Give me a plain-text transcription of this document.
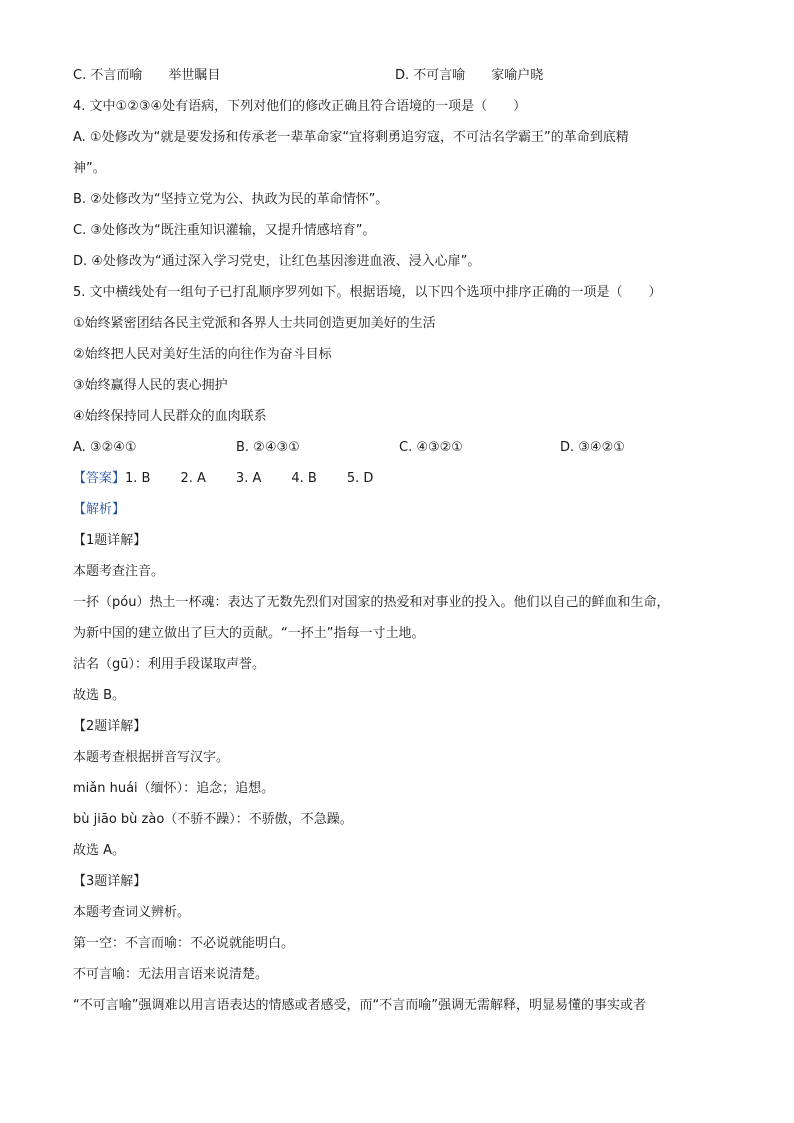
C. 不言而喻 举世瞩目	D. 不可言喻 家喻户晓
4. 文中①②③④处有语病，下列对他们的修改正确且符合语境的一项是（　　）
A. ①处修改为“就是要发扬和传承老一辈革命家“宜将剩勇追穷寇，不可沽名学霸王”的革命到底精
神”。
B. ②处修改为“坚持立党为公、执政为民的革命情怀”。
C. ③处修改为“既注重知识灌输，又提升情感培育”。
D. ④处修改为“通过深入学习党史，让红色基因渗进血液、浸入心扉”。
5. 文中横线处有一组句子已打乱顺序罗列如下。根据语境，以下四个选项中排序正确的一项是（　　）
①始终紧密团结各民主党派和各界人士共同创造更加美好的生活
②始终把人民对美好生活的向往作为奋斗目标
③始终赢得人民的衷心拥护
④始终保持同人民群众的血肉联系
A. ③②④①	B. ②④③①	C. ④③②①	D. ③④②①
【答案】 1. B 2. A 3. A 4. B 5. D
【解析】
【1题详解】
本题考查注音。
一抔（póu）热土一杯魂：表达了无数先烈们对国家的热爱和对事业的投入。他们以自己的鲜血和生命，
为新中国的建立做出了巨大的贡献。“一抔土”指每一寸土地。
沽名（gū）：利用手段谋取声誉。
故选 B。
【2题详解】
本题考查根据拼音写汉字。
miǎn huái（缅怀）：追念；追想。
bù jiāo bù zào（不骄不躁）：不骄傲，不急躁。
故选 A。
【3题详解】
本题考查词义辨析。
第一空：不言而喻：不必说就能明白。
不可言喻：无法用言语来说清楚。
“不可言喻”强调难以用言语表达的情感或者感受，而“不言而喻”强调无需解释，明显易懂的事实或者
